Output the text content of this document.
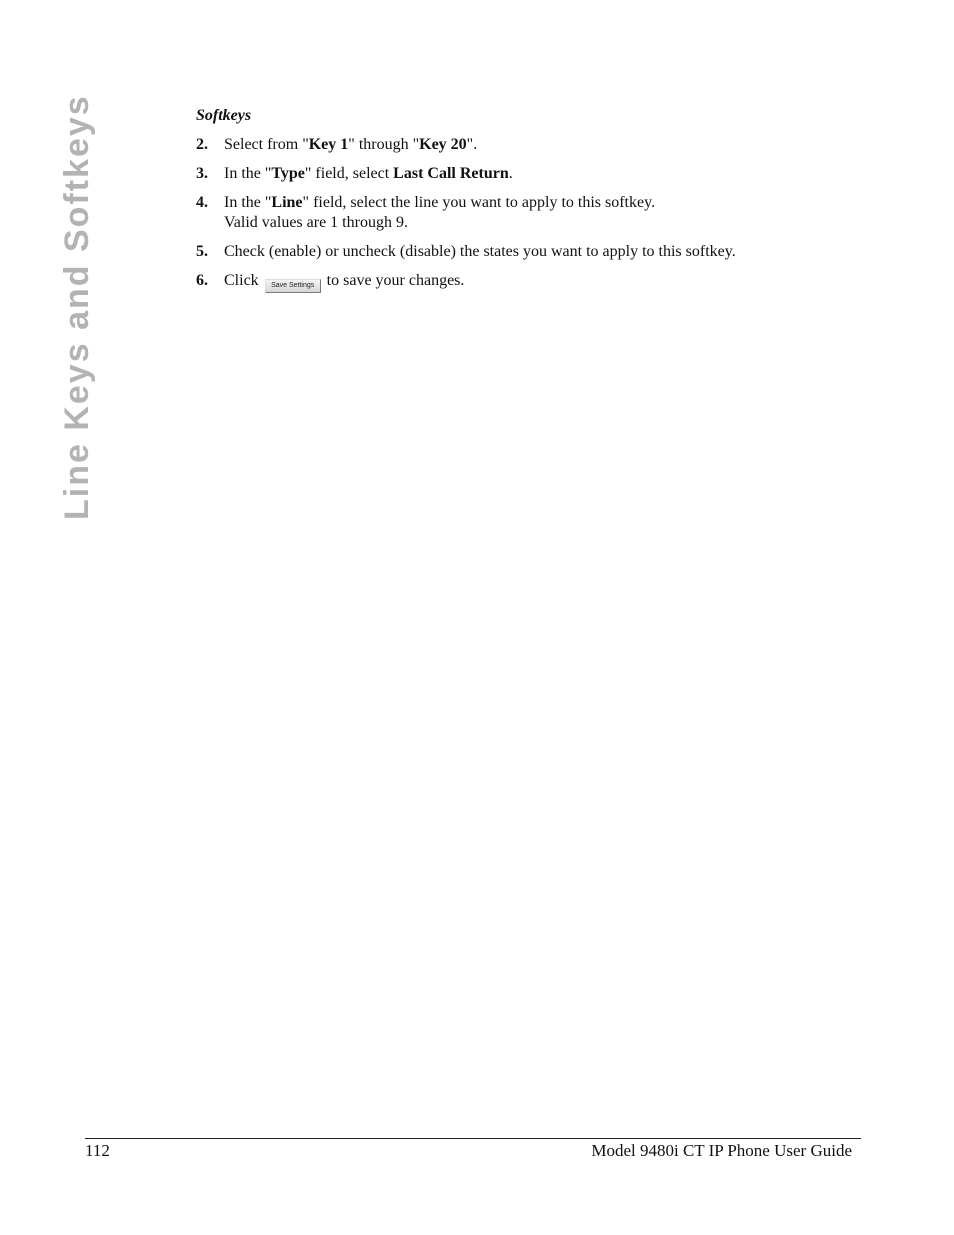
Line Keys and Softkeys	Softkeys
2.	Select from "Key 1" through "Key 20".
3.	In the "Type" field, select Last Call Return.
4.	In the "Line" field, select the line you want to apply to this softkey.
Valid values are 1 through 9.
5.	Check (enable) or uncheck (disable) the states you want to apply to this softkey.
6.	Click Save Settings to save your changes.
112	Model 9480i CT IP Phone User Guide
